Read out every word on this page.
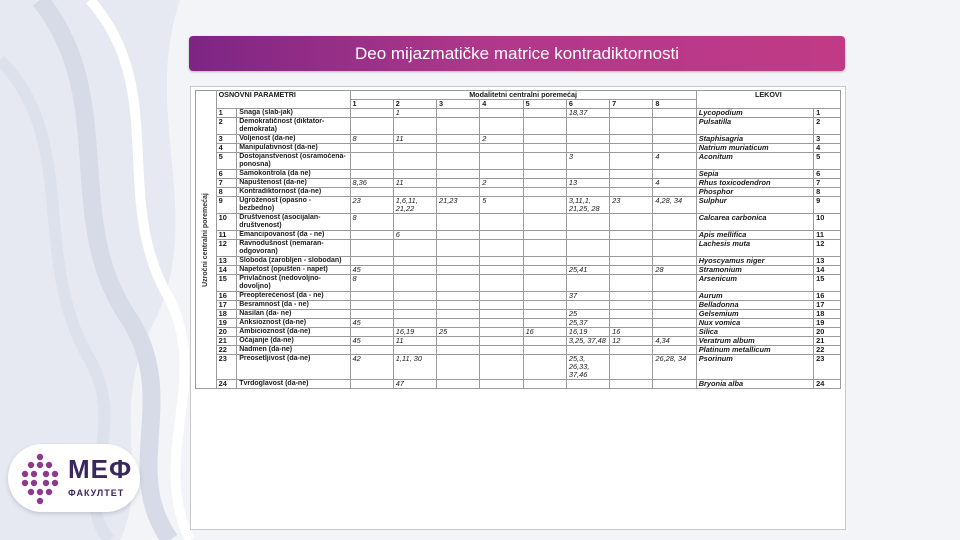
Deo mijazmatičke matrice kontradiktornosti
Uzročni centralni poremećaj	OSNOVNI PARAMETRI		Modalitetni centralni poremećaj								LEKOVI	
			1	2	3	4	5	6	7	8		
	1	Snaga (slab-jak)		1				18,37			Lycopodium	1
	2	Demokratičnost (diktator-demokrata)									Pulsatilla	2
	3	Voljenost (da-ne)	8	11		2					Staphisagria	3
	4	Manipulativnost (da-ne)									Natrium muriaticum	4
	5	Dostojanstvenost (osramoćena-ponosna)						3		4	Aconitum	5
	6	Samokontrola (da ne)									Sepia	6
	7	Napuštenost (da-ne)	8,36	11		2		13		4	Rhus toxicodendron	7
	8	Kontradiktornost (da-ne)									Phosphor	8
	9	Ugroženost (opasno - bezbedno)	23	1,6,11, 21,22	21,23	5		3,11,1, 21,25, 28	23	4,28, 34	Sulphur	9
	10	Društvenost (asocijalan-društvenost)	8								Calcarea carbonica	10
	11	Emancipovanost (da - ne)		6							Apis mellifica	11
	12	Ravnodušnost (nemaran-odgovoran)									Lachesis muta	12
	13	Sloboda (zarobljen - slobodan)									Hyoscyamus niger	13
	14	Napetost (opušten - napet)	45					25,41		28	Stramonium	14
	15	Privlačnost (nedovoljno-dovoljno)	8								Arsenicum	15
	16	Preopterećenost (da - ne)						37			Aurum	16
	17	Besramnost (da - ne)									Belladonna	17
	18	Nasilan (da- ne)						25			Gelsemium	18
	19	Anksioznost (da-ne)	45					25,37			Nux vomica	19
	20	Ambicioznost (da-ne)		16,19	25		16	16,19	16		Silica	20
	21	Očajanje (da-ne)	45	11				3,25, 37,48	12	4,34	Veratrum album	21
	22	Nadmen (da-ne)									Platinum metallicum	22
	23	Preosetljivost (da-ne)	42	1,11, 30				25,3, 26,33, 37,46		26,28, 34	Psorinum	23
	24	Tvrdoglavost (da-ne)		47							Bryonia alba	24
МЕФ
ФАКУЛТЕТ
